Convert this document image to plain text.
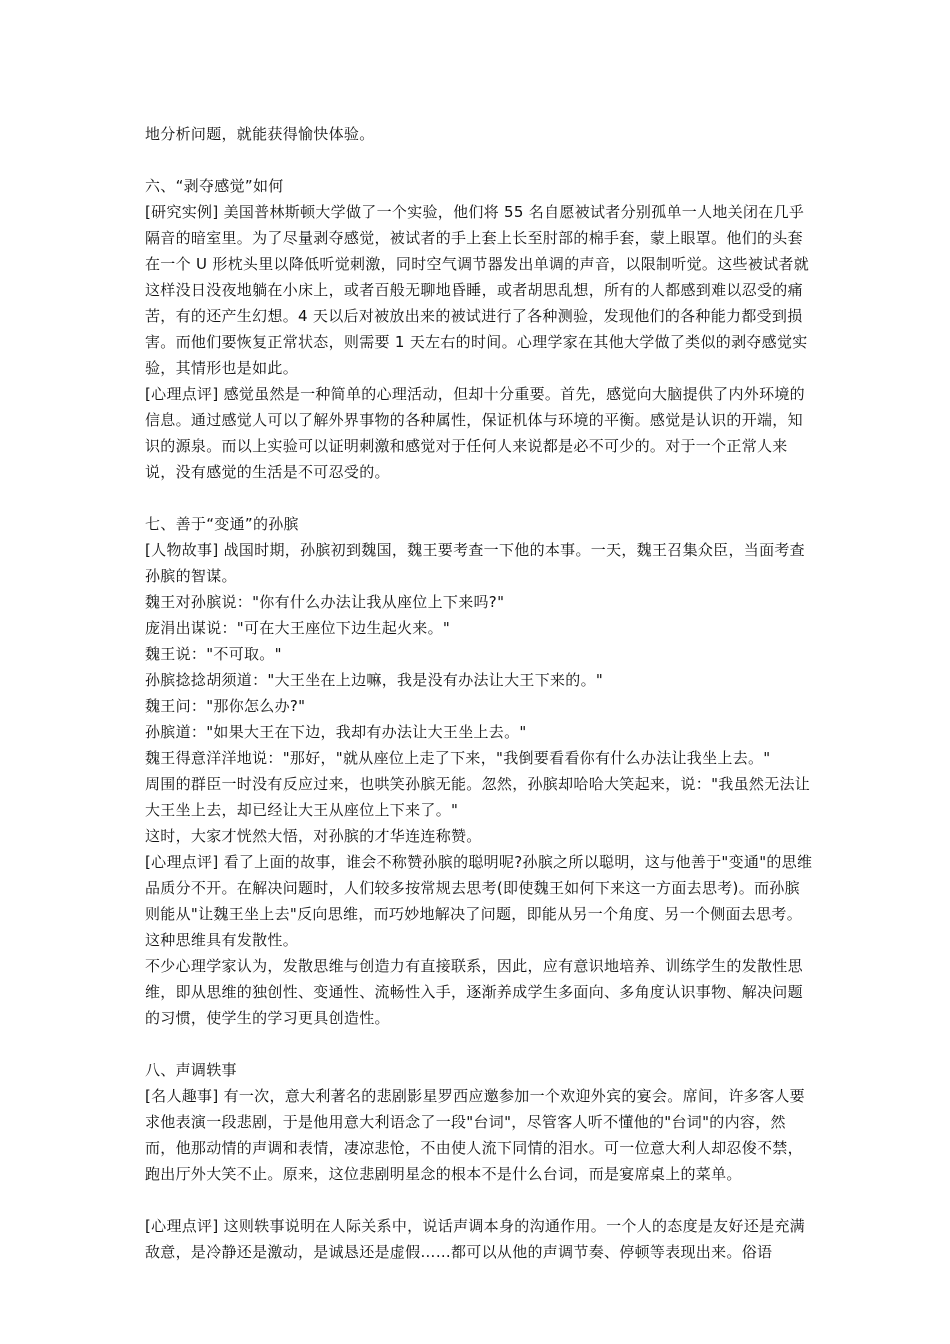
地分析问题，就能获得愉快体验。

六、“剥夺感觉”如何

[研究实例] 美国普林斯顿大学做了一个实验，他们将 55 名自愿被试者分别孤单一人地关闭在几乎隔音的暗室里。为了尽量剥夺感觉，被试者的手上套上长至肘部的棉手套，蒙上眼罩。他们的头套在一个 U 形枕头里以降低听觉刺激，同时空气调节器发出单调的声音，以限制听觉。这些被试者就这样没日没夜地躺在小床上，或者百般无聊地昏睡，或者胡思乱想，所有的人都感到难以忍受的痛苦，有的还产生幻想。4 天以后对被放出来的被试进行了各种测验，发现他们的各种能力都受到损害。而他们要恢复正常状态，则需要 1 天左右的时间。心理学家在其他大学做了类似的剥夺感觉实验，其情形也是如此。

[心理点评] 感觉虽然是一种简单的心理活动，但却十分重要。首先，感觉向大脑提供了内外环境的信息。通过感觉人可以了解外界事物的各种属性，保证机体与环境的平衡。感觉是认识的开端，知识的源泉。而以上实验可以证明刺激和感觉对于任何人来说都是必不可少的。对于一个正常人来说，没有感觉的生活是不可忍受的。

七、善于“变通”的孙膑

[人物故事] 战国时期，孙膑初到魏国，魏王要考查一下他的本事。一天，魏王召集众臣，当面考查孙膑的智谋。

魏王对孙膑说："你有什么办法让我从座位上下来吗?"

庞涓出谋说："可在大王座位下边生起火来。"

魏王说："不可取。"

孙膑捻捻胡须道："大王坐在上边嘛，我是没有办法让大王下来的。"

魏王问："那你怎么办?"

孙膑道："如果大王在下边，我却有办法让大王坐上去。"

魏王得意洋洋地说："那好，"就从座位上走了下来，"我倒要看看你有什么办法让我坐上去。"

周围的群臣一时没有反应过来，也哄笑孙膑无能。忽然，孙膑却哈哈大笑起来，说："我虽然无法让大王坐上去，却已经让大王从座位上下来了。"

这时，大家才恍然大悟，对孙膑的才华连连称赞。

[心理点评] 看了上面的故事，谁会不称赞孙膑的聪明呢?孙膑之所以聪明，这与他善于"变通"的思维品质分不开。在解决问题时，人们较多按常规去思考(即使魏王如何下来这一方面去思考)。而孙膑则能从"让魏王坐上去"反向思维，而巧妙地解决了问题，即能从另一个角度、另一个侧面去思考。这种思维具有发散性。

不少心理学家认为，发散思维与创造力有直接联系，因此，应有意识地培养、训练学生的发散性思维，即从思维的独创性、变通性、流畅性入手，逐渐养成学生多面向、多角度认识事物、解决问题的习惯，使学生的学习更具创造性。

八、声调轶事

[名人趣事] 有一次，意大利著名的悲剧影星罗西应邀参加一个欢迎外宾的宴会。席间，许多客人要求他表演一段悲剧，于是他用意大利语念了一段"台词"，尽管客人听不懂他的"台词"的内容，然而，他那动情的声调和表情，凄凉悲怆，不由使人流下同情的泪水。可一位意大利人却忍俊不禁，跑出厅外大笑不止。原来，这位悲剧明星念的根本不是什么台词，而是宴席桌上的菜单。

[心理点评] 这则轶事说明在人际关系中，说话声调本身的沟通作用。一个人的态度是友好还是充满敌意，是冷静还是激动，是诚恳还是虚假……都可以从他的声调节奏、停顿等表现出来。俗语
